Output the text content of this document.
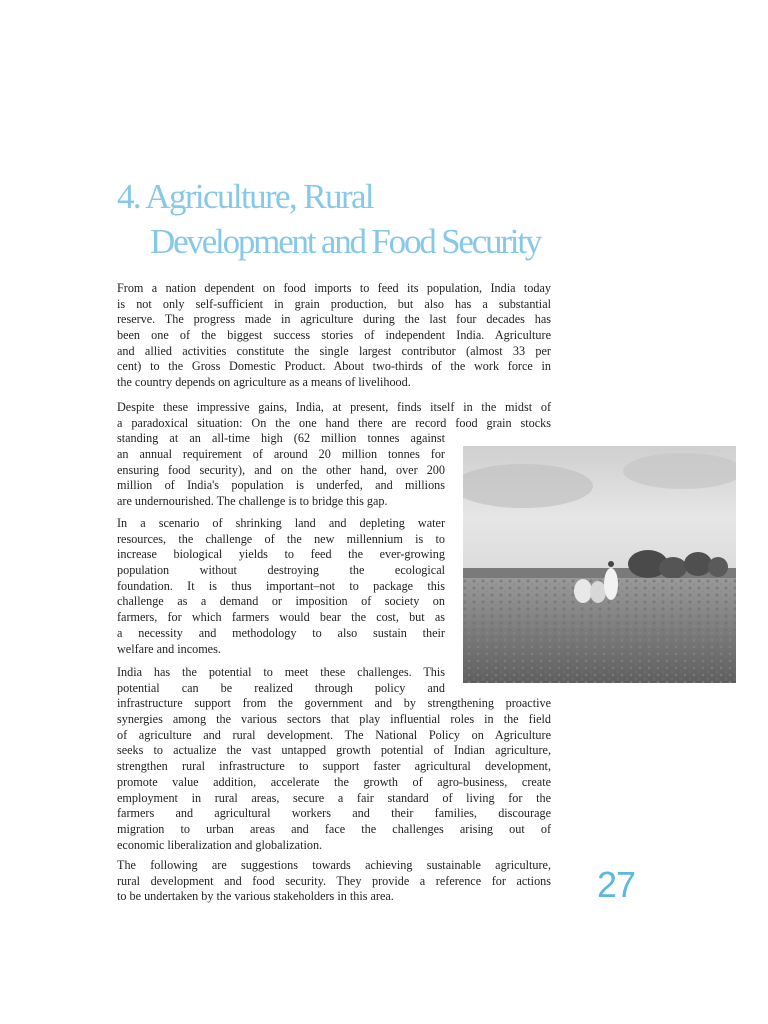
4. Agriculture, Rural
Development and Food Security
From a nation dependent on food imports to feed its population, India today
is not only self-sufficient in grain production, but also has a substantial
reserve. The progress made in agriculture during the last four decades has
been one of the biggest success stories of independent India. Agriculture
and allied activities constitute the single largest contributor (almost 33 per
cent) to the Gross Domestic Product. About two-thirds of the work force in
the country depends on agriculture as a means of livelihood.
Despite these impressive gains, India, at present, finds itself in the midst of
a paradoxical situation: On the one hand there are record food grain stocks
standing at an all-time high (62 million tonnes against
an annual requirement of around 20 million tonnes for
ensuring food security), and on the other hand, over 200
million of India's population is underfed, and millions
are undernourished. The challenge is to bridge this gap.
In a scenario of shrinking land and depleting water
resources, the challenge of the new millennium is to
increase biological yields to feed the ever-growing
population without destroying the ecological
foundation. It is thus important–not to package this
challenge as a demand or imposition of society on
farmers, for which farmers would bear the cost, but as
a necessity and methodology to also sustain their
welfare and incomes.
India has the potential to meet these challenges. This
potential can be realized through policy and
infrastructure support from the government and by strengthening proactive
synergies among the various sectors that play influential roles in the field
of agriculture and rural development. The National Policy on Agriculture
seeks to actualize the vast untapped growth potential of Indian agriculture,
strengthen rural infrastructure to support faster agricultural development,
promote value addition, accelerate the growth of agro-business, create
employment in rural areas, secure a fair standard of living for the
farmers and agricultural workers and their families, discourage
migration to urban areas and face the challenges arising out of
economic liberalization and globalization.
The following are suggestions towards achieving sustainable agriculture,
rural development and food security. They provide a reference for actions
to be undertaken by the various stakeholders in this area.	27
